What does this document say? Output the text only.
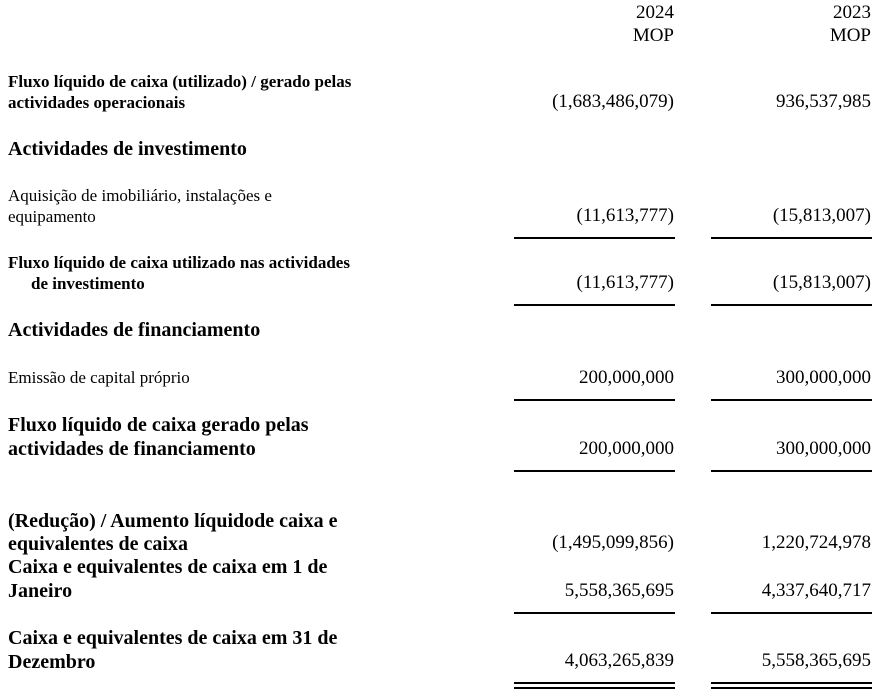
2024
MOP
2023
MOP
Fluxo líquido de caixa (utilizado) / gerado pelas
actividades operacionais	(1,683,486,079)	936,537,985
Actividades de investimento
Aquisição de imobiliário, instalações e
equipamento	(11,613,777)	(15,813,007)
Fluxo líquido de caixa utilizado nas actividades
de investimento	(11,613,777)	(15,813,007)
Actividades de financiamento
Emissão de capital próprio	200,000,000	300,000,000
Fluxo líquido de caixa gerado pelas
actividades de financiamento	200,000,000	300,000,000
(Redução) / Aumento líquidode caixa e
equivalentes de caixa	(1,495,099,856)	1,220,724,978
Caixa e equivalentes de caixa em 1 de
Janeiro	5,558,365,695	4,337,640,717
Caixa e equivalentes de caixa em 31 de
Dezembro	4,063,265,839	5,558,365,695
